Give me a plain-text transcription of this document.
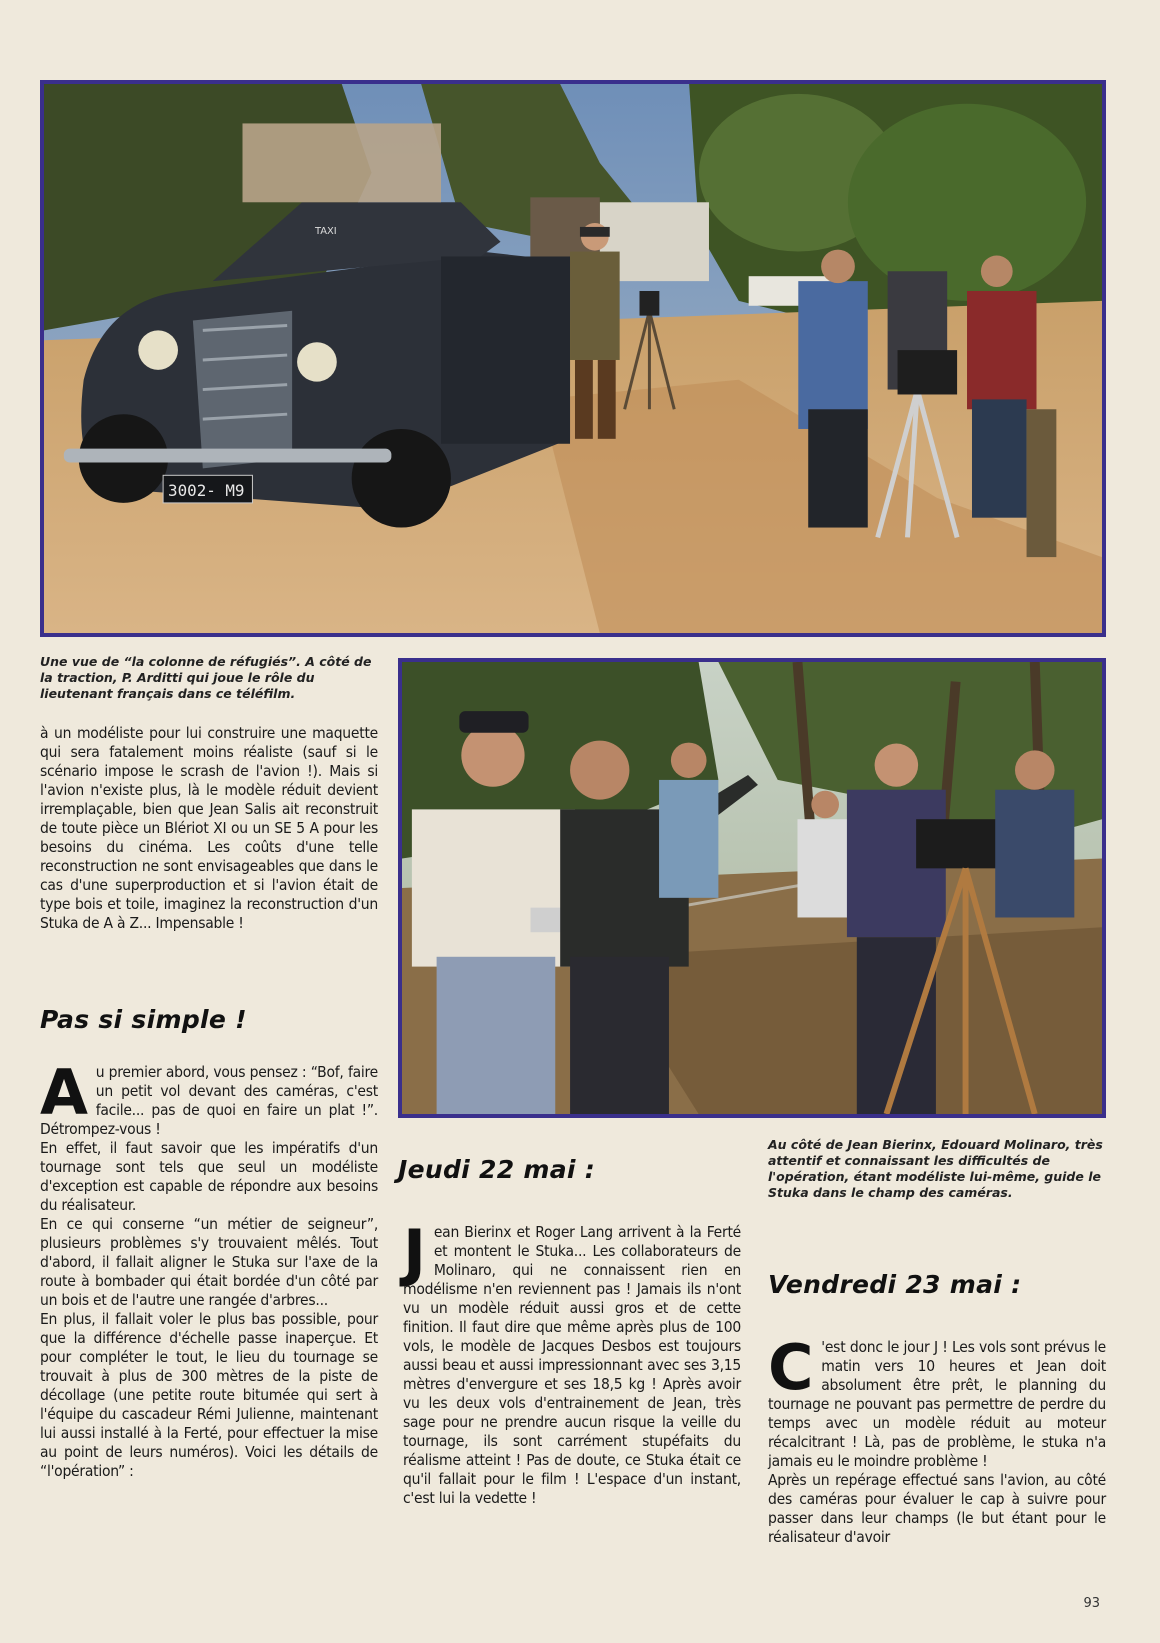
3002- M9
TAXI
Une vue de “la colonne de réfugiés”. A côté de la traction, P. Arditti qui joue le rôle du lieutenant français dans ce téléfilm.

à un modéliste pour lui construire une maquette qui sera fatalement moins réaliste (sauf si le scénario impose le scrash de l'avion !). Mais si l'avion n'existe plus, là le modèle réduit devient irremplaçable, bien que Jean Salis ait reconstruit de toute pièce un Blériot XI ou un SE 5 A pour les besoins du cinéma. Les coûts d'une telle reconstruction ne sont envisageables que dans le cas d'une superproduction et si l'avion était de type bois et toile, imaginez la reconstruction d'un Stuka de A à Z... Impensable !

Pas si simple !

Au premier abord, vous pensez : “Bof, faire un petit vol devant des caméras, c'est facile... pas de quoi en faire un plat !”. Détrompez-vous !

En effet, il faut savoir que les impératifs d'un tournage sont tels que seul un modéliste d'exception est capable de répondre aux besoins du réalisateur.

En ce qui conserne “un métier de seigneur”, plusieurs problèmes s'y trouvaient mêlés. Tout d'abord, il fallait aligner le Stuka sur l'axe de la route à bombader qui était bordée d'un côté par un bois et de l'autre une rangée d'arbres...

En plus, il fallait voler le plus bas possible, pour que la différence d'échelle passe inaperçue. Et pour compléter le tout, le lieu du tournage se trouvait à plus de 300 mètres de la piste de décollage (une petite route bitumée qui sert à l'équipe du cascadeur Rémi Julienne, maintenant lui aussi installé à la Ferté, pour effectuer la mise au point de leurs numéros). Voici les détails de “l'opération” :

Au côté de Jean Bierinx, Edouard Molinaro, très attentif et connaissant les difficultés de l'opération, étant modéliste lui-même, guide le Stuka dans le champ des caméras.
Jeudi 22 mai :

Jean Bierinx et Roger Lang arrivent à la Ferté et montent le Stuka... Les collaborateurs de Molinaro, qui ne connaissent rien en modélisme n'en reviennent pas ! Jamais ils n'ont vu un modèle réduit aussi gros et de cette finition. Il faut dire que même après plus de 100 vols, le modèle de Jacques Desbos est toujours aussi beau et aussi impressionnant avec ses 3,15 mètres d'envergure et ses 18,5 kg ! Après avoir vu les deux vols d'entrainement de Jean, très sage pour ne prendre aucun risque la veille du tournage, ils sont carrément stupéfaits du réalisme atteint ! Pas de doute, ce Stuka était ce qu'il fallait pour le film ! L'espace d'un instant, c'est lui la vedette !

Vendredi 23 mai :

C 'est donc le jour J ! Les vols sont prévus le matin vers 10 heures et Jean doit absolument être prêt, le planning du tournage ne pouvant pas permettre de perdre du temps avec un modèle réduit au moteur récalcitrant ! Là, pas de problème, le stuka n'a jamais eu le moindre problème !

Après un repérage effectué sans l'avion, au côté des caméras pour évaluer le cap à suivre pour passer dans leur champs (le but étant pour le réalisateur d'avoir

93
